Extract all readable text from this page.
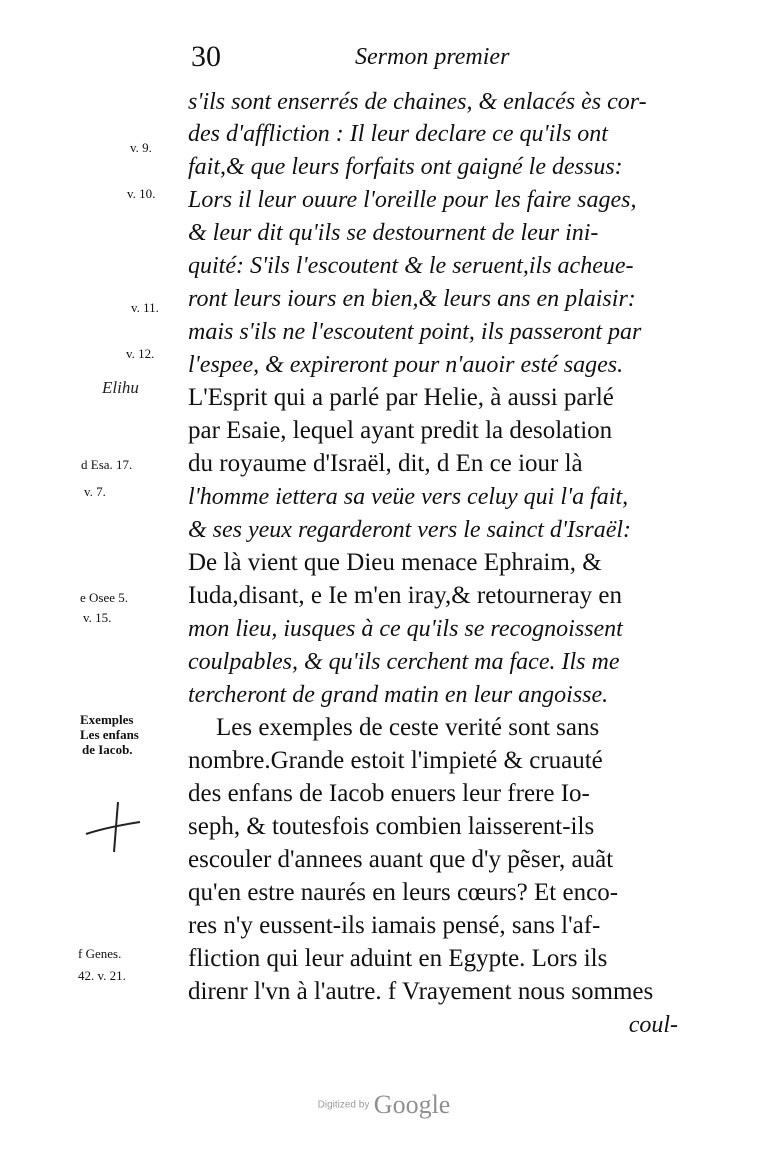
30	Sermon premier
s'ils sont enserrés de chaines, & enlacés ès cor-
des d'affliction : Il leur declare ce qu'ils ont
fait,& que leurs forfaits ont gaigné le dessus:
Lors il leur ouure l'oreille pour les faire sages,
& leur dit qu'ils se destournent de leur ini-
quité: S'ils l'escoutent & le seruent,ils acheue-
ront leurs iours en bien,& leurs ans en plaisir:
mais s'ils ne l'escoutent point, ils passeront par
l'espee, & expireront pour n'auoir esté sages.
L'Esprit qui a parlé par Helie, à aussi parlé
par Esaie, lequel ayant predit la desolation
du royaume d'Israël, dit, d En ce iour là
l'homme iettera sa veüe vers celuy qui l'a fait,
& ses yeux regarderont vers le sainct d'Israël:
De là vient que Dieu menace Ephraim, &
Iuda,disant, e Ie m'en iray,& retourneray en
mon lieu, iusques à ce qu'ils se recognoissent
coulpables, & qu'ils cerchent ma face. Ils me
tercheront de grand matin en leur angoisse.
Les exemples de ceste verité sont sans
nombre.Grande estoit l'impieté & cruauté
des enfans de Iacob enuers leur frere Io-
seph, & toutesfois combien laisserent-ils
escouler d'annees auant que d'y pẽser, auãt
qu'en estre naurés en leurs cœurs? Et enco-
res n'y eussent-ils iamais pensé, sans l'af-
fliction qui leur aduint en Egypte. Lors ils
direnr l'vn à l'autre. f Vrayement nous sommes
coul-
v. 9.
v. 10.
v. 11.
v. 12.
Elihu
d Esa. 17.
v. 7.
e Osee 5.
v. 15.
Exemples
Les enfans
de Iacob.
f Genes.
42. v. 21.
Digitized by Google
